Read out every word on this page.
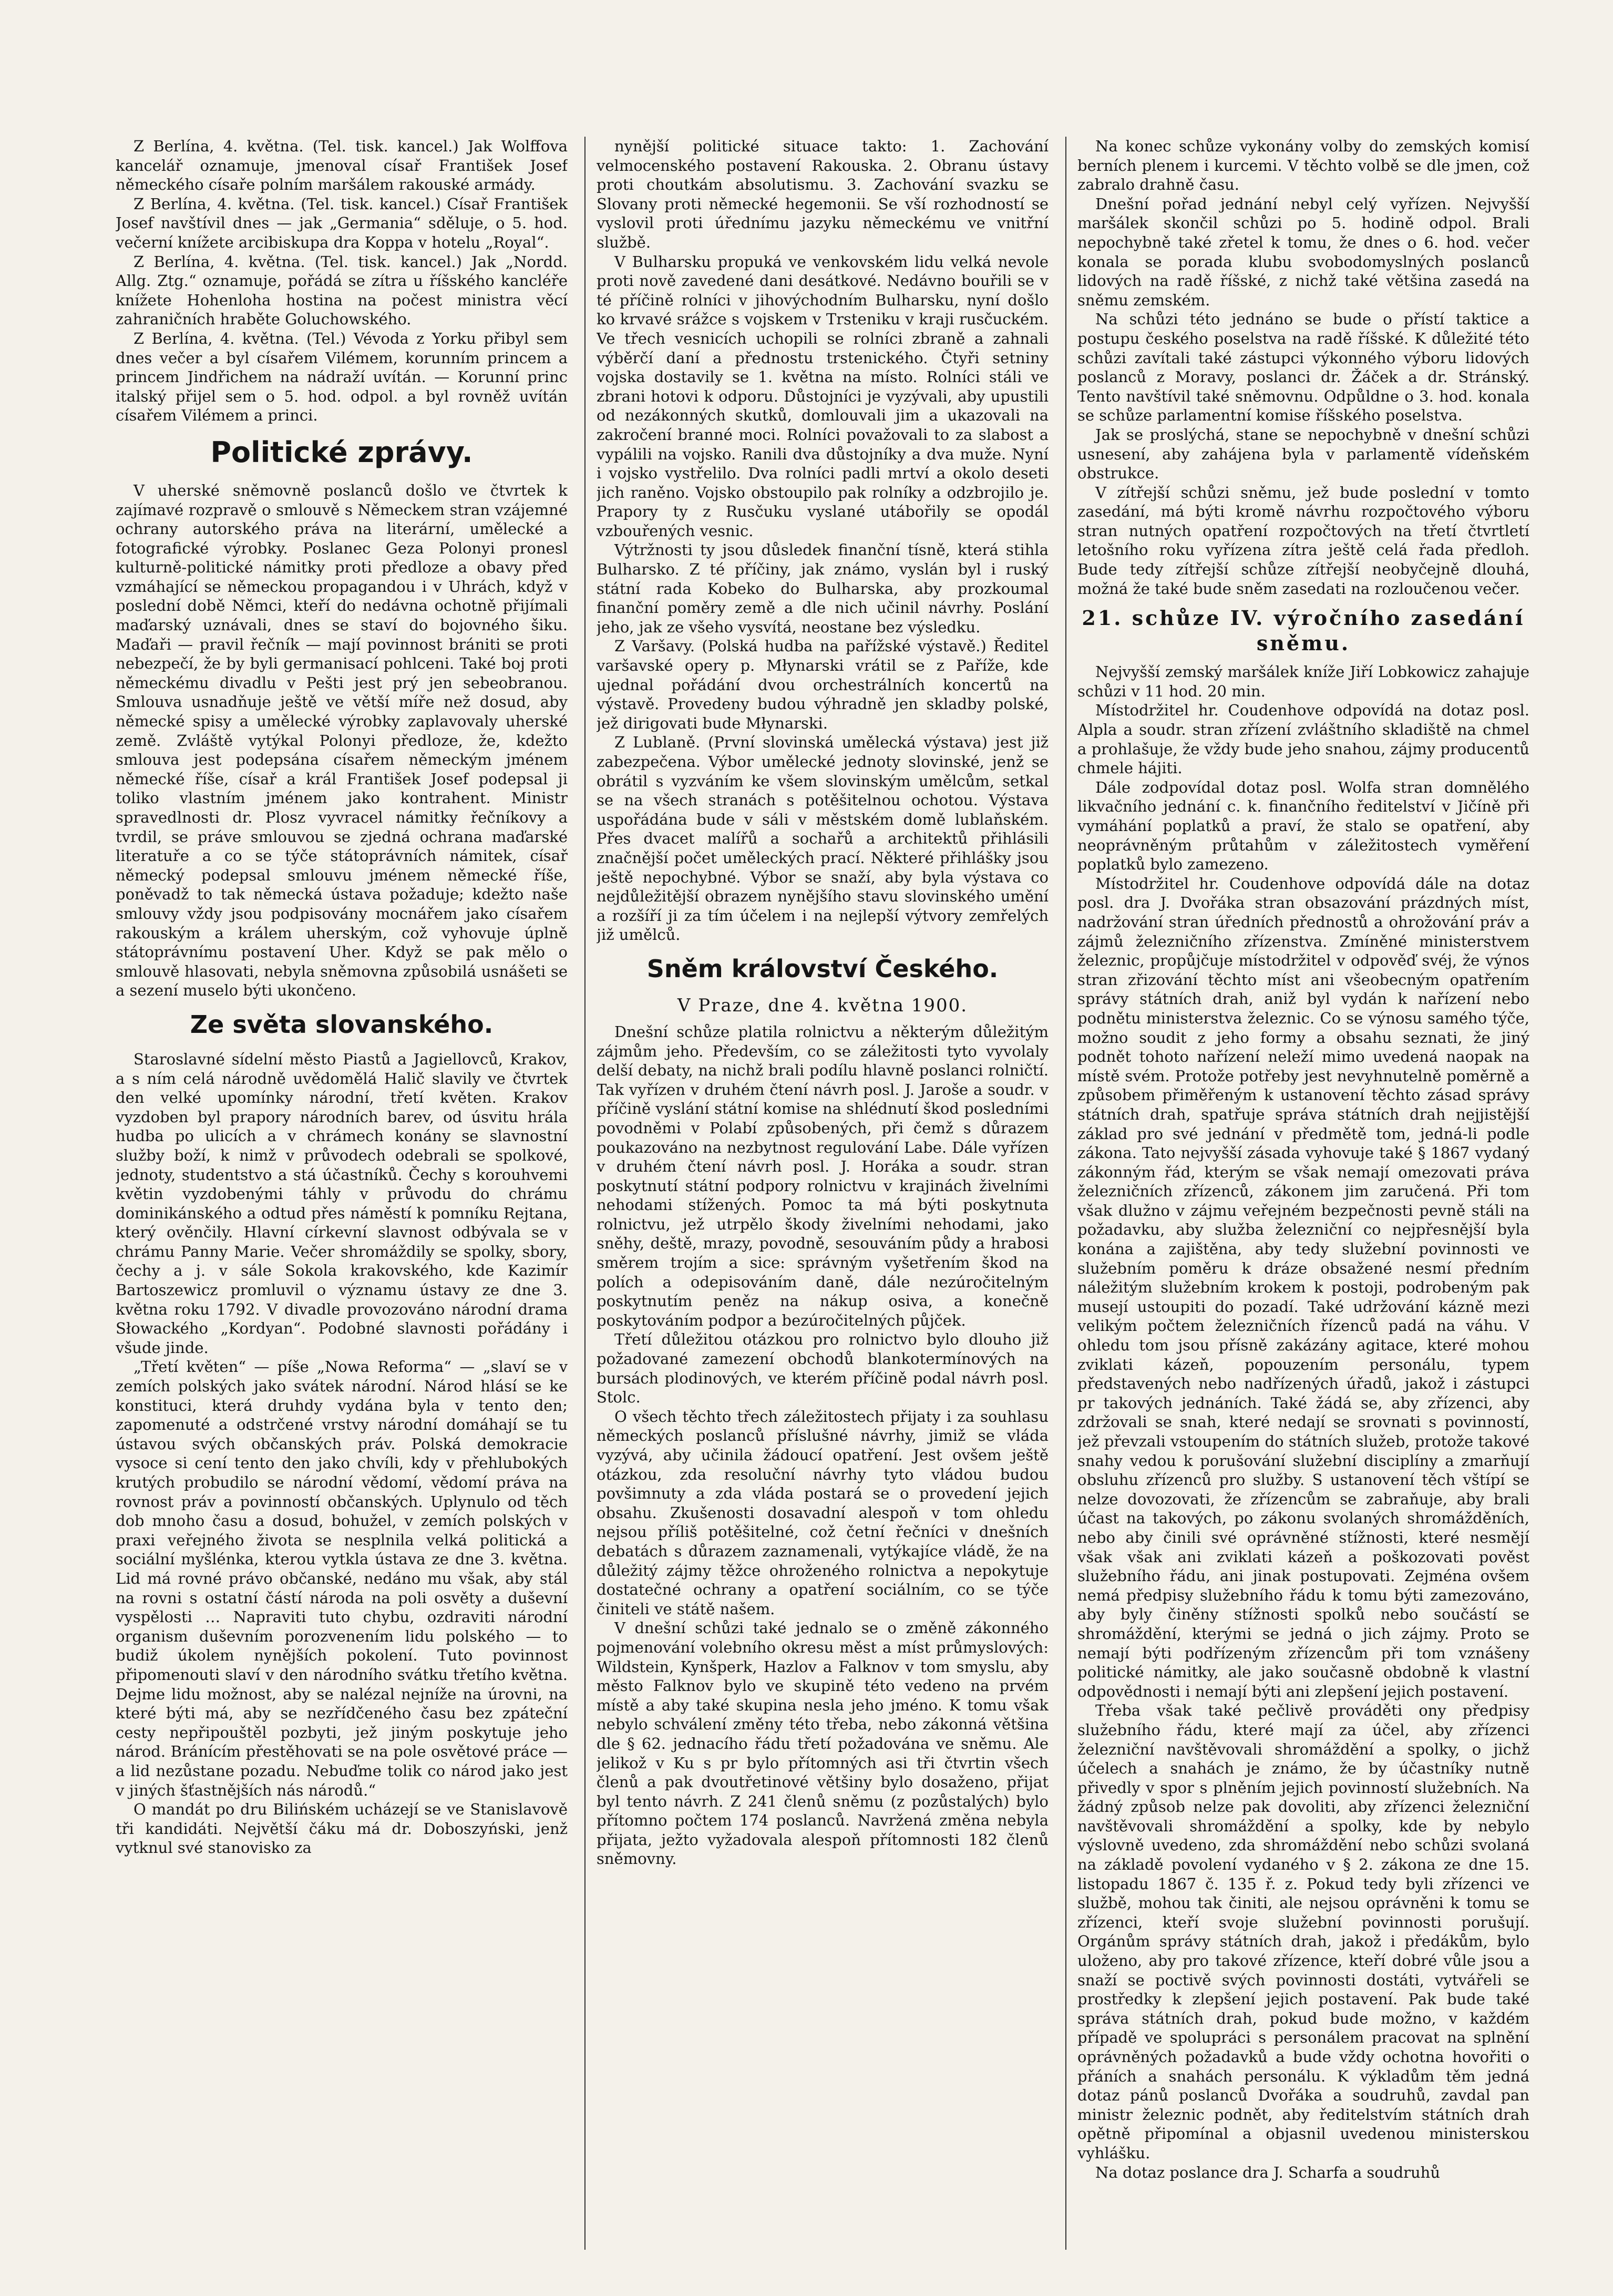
Z Berlína, 4. května. (Tel. tisk. kancel.) Jak Wolffova kancelář oznamuje, jmenoval císař František Josef německého císaře polním maršálem rakouské armády.

Z Berlína, 4. května. (Tel. tisk. kancel.) Císař František Josef navštívil dnes — jak „Germania“ sděluje, o 5. hod. večerní knížete arcibiskupa dra Koppa v hotelu „Royal“.

Z Berlína, 4. května. (Tel. tisk. kancel.) Jak „Nordd. Allg. Ztg.“ oznamuje, pořádá se zítra u říšského kancléře knížete Hohenloha hostina na počest ministra věcí zahraničních hraběte Goluchowského.

Z Berlína, 4. května. (Tel.) Vévoda z Yorku přibyl sem dnes večer a byl císařem Vilémem, korunním princem a princem Jindřichem na nádraží uvítán. — Korunní princ italský přijel sem o 5. hod. odpol. a byl rovněž uvítán císařem Vilémem a princi.

Politické zprávy.

V uherské sněmovně poslanců došlo ve čtvrtek k zajímavé rozpravě o smlouvě s Německem stran vzájemné ochrany autorského práva na literární, umělecké a fotografické výrobky. Poslanec Geza Polonyi pronesl kulturně-politické námitky proti předloze a obavy před vzmáhající se německou propagandou i v Uhrách, když v poslední době Němci, kteří do nedávna ochotně přijímali maďarský uznávali, dnes se staví do bojovného šiku. Maďaři — pravil řečník — mají povinnost brániti se proti nebezpečí, že by byli germanisací pohlceni. Také boj proti německému divadlu v Pešti jest prý jen sebeobranou. Smlouva usnadňuje ještě ve větší míře než dosud, aby německé spisy a umělecké výrobky zaplavovaly uherské země. Zvláště vytýkal Polonyi předloze, že, kdežto smlouva jest podepsána císařem německým jménem německé říše, císař a král František Josef podepsal ji toliko vlastním jménem jako kontrahent. Ministr spravedlnosti dr. Plosz vyvracel námitky řečníkovy a tvrdil, se práve smlouvou se zjedná ochrana maďarské literatuře a co se týče státoprávních námitek, císař německý podepsal smlouvu jménem německé říše, poněvadž to tak německá ústava požaduje; kdežto naše smlouvy vždy jsou podpisovány mocnářem jako císařem rakouským a králem uherským, což vyhovuje úplně státoprávnímu postavení Uher. Když se pak mělo o smlouvě hlasovati, nebyla sněmovna způsobilá usnášeti se a sezení muselo býti ukončeno.

Ze světa slovanského.

Staroslavné sídelní město Piastů a Jagiellovců, Krakov, a s ním celá národně uvědomělá Halič slavily ve čtvrtek den velké upomínky národní, třetí květen. Krakov vyzdoben byl prapory národních barev, od úsvitu hrála hudba po ulicích a v chrámech konány se slavnostní služby boží, k nimž v průvodech odebrali se spolkové, jednoty, studentstvo a stá účastníků. Čechy s korouhvemi květin vyzdobenými táhly v průvodu do chrámu dominikánského a odtud přes náměstí k pomníku Rejtana, který ověnčily. Hlavní církevní slavnost odbývala se v chrámu Panny Marie. Večer shromáždily se spolky, sbory, čechy a j. v sále Sokola krakovského, kde Kazimír Bartoszewicz promluvil o významu ústavy ze dne 3. května roku 1792. V divadle provozováno národní drama Słowackého „Kordyan“. Podobné slavnosti pořádány i všude jinde.

„Třetí květen“ — píše „Nowa Reforma“ — „slaví se v zemích polských jako svátek národní. Národ hlásí se ke konstituci, která druhdy vydána byla v tento den; zapomenuté a odstrčené vrstvy národní domáhají se tu ústavou svých občanských práv. Polská demokracie vysoce si cení tento den jako chvíli, kdy v přehlubokých krutých probudilo se národní vědomí, vědomí práva na rovnost práv a povinností občanských. Uplynulo od těch dob mnoho času a dosud, bohužel, v zemích polských v praxi veřejného života se nesplnila velká politická a sociální myšlénka, kterou vytkla ústava ze dne 3. května. Lid má rovné právo občanské, nedáno mu však, aby stál na rovni s ostatní částí národa na poli osvěty a duševní vyspělosti … Napraviti tuto chybu, ozdraviti národní organism duševním porozvenením lidu polského — to budiž úkolem nynějších pokolení. Tuto povinnost připomenouti slaví v den národního svátku třetího května. Dejme lidu možnost, aby se nalézal nejníže na úrovni, na které býti má, aby se nezřídčeného času bez zpáteční cesty nepřipouštěl pozbyti, jež jiným poskytuje jeho národ. Bránícím přestěhovati se na pole osvětové práce — a lid nezůstane pozadu. Nebuďme tolik co národ jako jest v jiných šťastnějších nás národů.“

O mandát po dru Bilińském ucházejí se ve Stanislavově tři kandidáti. Největší čáku má dr. Doboszyński, jenž vytknul své stanovisko za

nynější politické situace takto: 1. Zachování velmocenského postavení Rakouska. 2. Obranu ústavy proti choutkám absolutismu. 3. Zachování svazku se Slovany proti německé hegemonii. Se vší rozhodností se vyslovil proti úřednímu jazyku německému ve vnitřní službě.

V Bulharsku propuká ve venkovském lidu velká nevole proti nově zavedené dani desátkové. Nedávno bouřili se v té příčině rolníci v jihovýchodním Bulharsku, nyní došlo ko krvavé srážce s vojskem v Trsteniku v kraji rusčuckém. Ve třech vesnicích uchopili se rolníci zbraně a zahnali výběrčí daní a přednostu trstenického. Čtyři setniny vojska dostavily se 1. května na místo. Rolníci stáli ve zbrani hotovi k odporu. Důstojníci je vyzývali, aby upustili od nezákonných skutků, domlouvali jim a ukazovali na zakročení branné moci. Rolníci považovali to za slabost a vypálili na vojsko. Ranili dva důstojníky a dva muže. Nyní i vojsko vystřelilo. Dva rolníci padli mrtví a okolo deseti jich raněno. Vojsko obstoupilo pak rolníky a odzbrojilo je. Prapory ty z Rusčuku vyslané utábořily se opodál vzbouřených vesnic.

Výtržnosti ty jsou důsledek finanční tísně, která stihla Bulharsko. Z té příčiny, jak známo, vyslán byl i ruský státní rada Kobeko do Bulharska, aby prozkoumal finanční poměry země a dle nich učinil návrhy. Poslání jeho, jak ze všeho vysvítá, neostane bez výsledku.

Z Varšavy. (Polská hudba na pařížské výstavě.) Ředitel varšavské opery p. Młynarski vrátil se z Paříže, kde ujednal pořádání dvou orchestrálních koncertů na výstavě. Provedeny budou výhradně jen skladby polské, jež dirigovati bude Młynarski.

Z Lublaně. (První slovinská umělecká výstava) jest již zabezpečena. Výbor umělecké jednoty slovinské, jenž se obrátil s vyzváním ke všem slovinským umělcům, setkal se na všech stranách s potěšitelnou ochotou. Výstava uspořádána bude v sáli v městském domě lublaňském. Přes dvacet malířů a sochařů a architektů přihlásili značnější počet uměleckých prací. Některé přihlášky jsou ještě nepochybné. Výbor se snaží, aby byla výstava co nejdůležitější obrazem nynějšího stavu slovinského umění a rozšíří ji za tím účelem i na nejlepší výtvory zemřelých již umělců.

Sněm království Českého.
V Praze, dne 4. května 1900.

Dnešní schůze platila rolnictvu a některým důležitým zájmům jeho. Především, co se záležitosti tyto vyvolaly delší debaty, na nichž brali podílu hlavně poslanci rolničtí. Tak vyřízen v druhém čtení návrh posl. J. Jaroše a soudr. v příčině vyslání státní komise na shlédnutí škod posledními povodněmi v Polabí způsobených, při čemž s důrazem poukazováno na nezbytnost regulování Labe. Dále vyřízen v druhém čtení návrh posl. J. Horáka a soudr. stran poskytnutí státní podpory rolnictvu v krajinách živelními nehodami stížených. Pomoc ta má býti poskytnuta rolnictvu, jež utrpělo škody živelními nehodami, jako sněhy, deště, mrazy, povodně, sesouváním půdy a hrabosi směrem trojím a sice: správným vyšetřením škod na polích a odepisováním daně, dále nezúročitelným poskytnutím peněz na nákup osiva, a konečně poskytováním podpor a bezúročitelných půjček.

Třetí důležitou otázkou pro rolnictvo bylo dlouho již požadované zamezení obchodů blankotermínových na bursách plodinových, ve kterém příčině podal návrh posl. Stolc.

O všech těchto třech záležitostech přijaty i za souhlasu německých poslanců příslušné návrhy, jimiž se vláda vyzývá, aby učinila žádoucí opatření. Jest ovšem ještě otázkou, zda resoluční návrhy tyto vládou budou povšimnuty a zda vláda postará se o provedení jejich obsahu. Zkušenosti dosavadní alespoň v tom ohledu nejsou příliš potěšitelné, což četní řečníci v dnešních debatách s důrazem zaznamenali, vytýkajíce vládě, že na důležitý zájmy těžce ohroženého rolnictva a nepokytuje dostatečné ochrany a opatření sociálním, co se týče činiteli ve státě našem.

V dnešní schůzi také jednalo se o změně zákonného pojmenování volebního okresu měst a míst průmyslových: Wildstein, Kynšperk, Hazlov a Falknov v tom smyslu, aby město Falknov bylo ve skupině této vedeno na prvém místě a aby také skupina nesla jeho jméno. K tomu však nebylo schválení změny této třeba, nebo zákonná většina dle § 62. jednacího řádu třetí požadována ve sněmu. Ale jelikož v Ku s pr bylo přítomných asi tři čtvrtin všech členů a pak dvoutřetinové většiny bylo dosaženo, přijat byl tento návrh. Z 241 členů sněmu (z pozůstalých) bylo přítomno počtem 174 poslanců. Navržená změna nebyla přijata, ježto vyžadovala alespoň přítomnosti 182 členů sněmovny.

Na konec schůze vykonány volby do zemských komisí berních plenem i kurcemi. V těchto volbě se dle jmen, což zabralo drahně času.

Dnešní pořad jednání nebyl celý vyřízen. Nejvyšší maršálek skončil schůzi po 5. hodině odpol. Brali nepochybně také zřetel k tomu, že dnes o 6. hod. večer konala se porada klubu svobodomyslných poslanců lidových na radě říšské, z nichž také většina zasedá na sněmu zemském.

Na schůzi této jednáno se bude o přístí taktice a postupu českého poselstva na radě říšské. K důležité této schůzi zavítali také zástupci výkonného výboru lidových poslanců z Moravy, poslanci dr. Žáček a dr. Stránský. Tento navštívil také sněmovnu. Odpůldne o 3. hod. konala se schůze parlamentní komise říšského poselstva.

Jak se proslýchá, stane se nepochybně v dnešní schůzi usnesení, aby zahájena byla v parlamentě vídeňském obstrukce.

V zítřejší schůzi sněmu, jež bude poslední v tomto zasedání, má býti kromě návrhu rozpočtového výboru stran nutných opatření rozpočtových na třetí čtvrtletí letošního roku vyřízena zítra ještě celá řada předloh. Bude tedy zítřejší schůze zítřejší neobyčejně dlouhá, možná že také bude sněm zasedati na rozloučenou večer.

21. schůze IV. výročního zasedání sněmu.

Nejvyšší zemský maršálek kníže Jiří Lobkowicz zahajuje schůzi v 11 hod. 20 min.

Místodržitel hr. Coudenhove odpovídá na dotaz posl. Alpla a soudr. stran zřízení zvláštního skladiště na chmel a prohlašuje, že vždy bude jeho snahou, zájmy producentů chmele hájiti.

Dále zodpovídal dotaz posl. Wolfa stran domnělého likvačního jednání c. k. finančního ředitelství v Jičíně při vymáhání poplatků a praví, že stalo se opatření, aby neoprávněným průtahům v záležitostech vyměření poplatků bylo zamezeno.

Místodržitel hr. Coudenhove odpovídá dále na dotaz posl. dra J. Dvořáka stran obsazování prázdných míst, nadržování stran úředních přednostů a ohrožování práv a zájmů železničního zřízenstva. Zmíněné ministerstvem železnic, propůjčuje místodržitel v odpověď svéj, že výnos stran zřizování těchto míst ani všeobecným opatřením správy státních drah, aniž byl vydán k nařízení nebo podnětu ministerstva železnic. Co se výnosu samého týče, možno soudit z jeho formy a obsahu seznati, že jiný podnět tohoto nařízení neleží mimo uvedená naopak na místě svém. Protože potřeby jest nevyhnutelně poměrně a způsobem přiměřeným k ustanovení těchto zásad správy státních drah, spatřuje správa státních drah nejjistější základ pro své jednání v předmětě tom, jedná-li podle zákona. Tato nejvyšší zásada vyhovuje také § 1867 vydaný zákonným řád, kterým se však nemají omezovati práva železničních zřízenců, zákonem jim zaručená. Při tom však dlužno v zájmu veřejném bezpečnosti pevně stáli na požadavku, aby služba železniční co nejpřesnější byla konána a zajištěna, aby tedy služební povinnosti ve služebním poměru k dráze obsažené nesmí předním náležitým služebním krokem k postoji, podrobeným pak musejí ustoupiti do pozadí. Také udržování kázně mezi velikým počtem železničních řízenců padá na váhu. V ohledu tom jsou přísně zakázány agitace, které mohou zviklati kázeň, popouzením personálu, typem představených nebo nadřízených úřadů, jakož i zástupci pr takových jednáních. Také žádá se, aby zřízenci, aby zdržovali se snah, které nedají se srovnati s povinností, jež převzali vstoupením do státních služeb, protože takové snahy vedou k porušování služební disciplíny a zmarňují obsluhu zřízenců pro služby. S ustanovení těch vštípí se nelze dovozovati, že zřízencům se zabraňuje, aby brali účast na takových, po zákonu svolaných shromážděních, nebo aby činili své oprávněné stížnosti, které nesmějí však však ani zviklati kázeň a poškozovati pověst služebního řádu, ani jinak postupovati. Zejména ovšem nemá předpisy služebního řádu k tomu býti zamezováno, aby byly činěny stížnosti spolků nebo součástí se shromáždění, kterými se jedná o jich zájmy. Proto se nemají býti podřízeným zřízencům při tom vznášeny politické námitky, ale jako současně obdobně k vlastní odpovědnosti i nemají býti ani zlepšení jejich postavení.

Třeba však také pečlivě prováděti ony předpisy služebního řádu, které mají za účel, aby zřízenci železniční navštěvovali shromáždění a spolky, o jichž účelech a snahách je známo, že by účastníky nutně přivedly v spor s plněním jejich povinností služebních. Na žádný způsob nelze pak dovoliti, aby zřízenci železniční navštěvovali shromáždění a spolky, kde by nebylo výslovně uvedeno, zda shromáždění nebo schůzi svolaná na základě povolení vydaného v § 2. zákona ze dne 15. listopadu 1867 č. 135 ř. z. Pokud tedy byli zřízenci ve službě, mohou tak činiti, ale nejsou oprávněni k tomu se zřízenci, kteří svoje služební povinnosti porušují. Orgánům správy státních drah, jakož i předákům, bylo uloženo, aby pro takové zřízence, kteří dobré vůle jsou a snaží se poctivě svých povinnosti dostáti, vytvářeli se prostředky k zlepšení jejich postavení. Pak bude také správa státních drah, pokud bude možno, v každém případě ve spolupráci s personálem pracovat na splnění oprávněných požadavků a bude vždy ochotna hovořiti o přáních a snahách personálu. K výkladům těm jedná dotaz pánů poslanců Dvořáka a soudruhů, zavdal pan ministr železnic podnět, aby ředitelstvím státních drah opětně připomínal a objasnil uvedenou ministerskou vyhlášku.

Na dotaz poslance dra J. Scharfa a soudruhů
